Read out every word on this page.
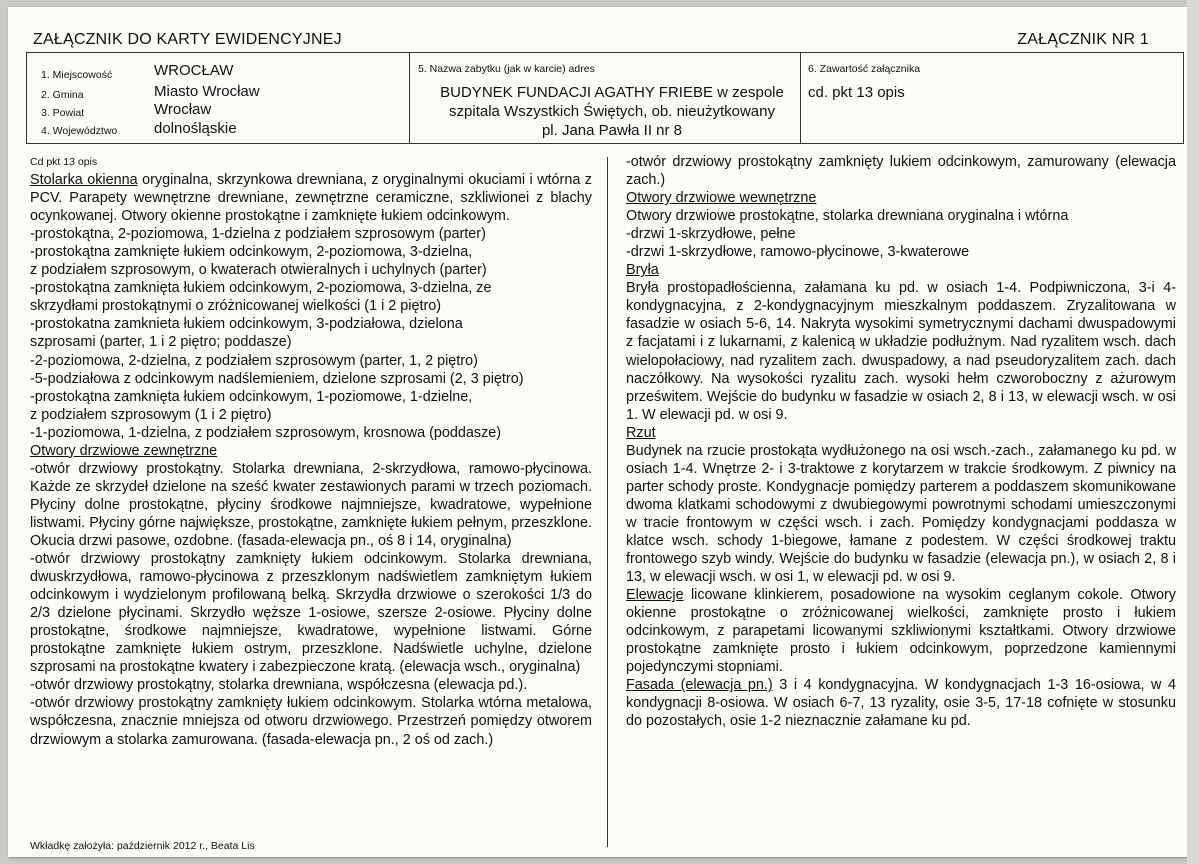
ZAŁĄCZNIK DO KARTY EWIDENCYJNEJ	ZAŁĄCZNIK NR 1
1. Miejscowość	WROCŁAW
2. Gmina	Miasto Wrocław
3. Powiat	Wrocław
4. Województwo dolnośląskie
5. Nazwa zabytku (jak w karcie) adres
BUDYNEK FUNDACJI AGATHY FRIEBE w zespole
szpitala Wszystkich Świętych, ob. nieużytkowany
pl. Jana Pawła II nr 8
6. Zawartość załącznika
cd. pkt 13 opis

Cd pkt 13 opis

Stolarka okienna oryginalna, skrzynkowa drewniana, z oryginalnymi okuciami i wtórna z PCV. Parapety wewnętrzne drewniane, zewnętrzne ceramiczne, szkliwionei z blachy ocynkowanej. Otwory okienne prostokątne i zamknięte łukiem odcinkowym.

-prostokątna, 2-poziomowa, 1-dzielna z podziałem szprosowym (parter)

-prostokątna zamknięte łukiem odcinkowym, 2-poziomowa, 3-dzielna,

z podziałem szprosowym, o kwaterach otwieralnych i uchylnych (parter)

-prostokątna zamknięta łukiem odcinkowym, 2-poziomowa, 3-dzielna, ze

skrzydłami prostokątnymi o zróżnicowanej wielkości (1 i 2 piętro)

-prostokatna zamknieta łukiem odcinkowym, 3-podziałowa, dzielona

szprosami (parter, 1 i 2 piętro; poddasze)

-2-poziomowa, 2-dzielna, z podziałem szprosowym (parter, 1, 2 piętro)

-5-podziałowa z odcinkowym nadślemieniem, dzielone szprosami (2, 3 piętro)

-prostokątna zamknięta łukiem odcinkowym, 1-poziomowe, 1-dzielne,

z podziałem szprosowym (1 i 2 piętro)

-1-poziomowa, 1-dzielna, z podziałem szprosowym, krosnowa (poddasze)

Otwory drzwiowe zewnętrzne

-otwór drzwiowy prostokątny. Stolarka drewniana, 2-skrzydłowa, ramowo-płycinowa. Każde ze skrzydeł dzielone na sześć kwater zestawionych parami w trzech poziomach. Płyciny dolne prostokątne, płyciny środkowe najmniejsze, kwadratowe, wypełnione listwami. Płyciny górne największe, prostokątne, zamknięte łukiem pełnym, przeszklone. Okucia drzwi pasowe, ozdobne. (fasada-elewacja pn., oś 8 i 14, oryginalna)

-otwór drzwiowy prostokątny zamknięty łukiem odcinkowym. Stolarka drewniana, dwuskrzydłowa, ramowo-płycinowa z przeszklonym nadświetlem zamkniętym łukiem odcinkowym i wydzielonym profilowaną belką. Skrzydła drzwiowe o szerokości 1/3 do 2/3 dzielone płycinami. Skrzydło węższe 1-osiowe, szersze 2-osiowe. Płyciny dolne prostokątne, środkowe najmniejsze, kwadratowe, wypełnione listwami. Górne prostokątne zamknięte łukiem ostrym, przeszklone. Nadświetle uchylne, dzielone szprosami na prostokątne kwatery i zabezpieczone kratą. (elewacja wsch., oryginalna)

-otwór drzwiowy prostokątny, stolarka drewniana, współczesna (elewacja pd.).

-otwór drzwiowy prostokątny zamknięty łukiem odcinkowym. Stolarka wtórna metalowa, współczesna, znacznie mniejsza od otworu drzwiowego. Przestrzeń pomiędzy otworem drzwiowym a stolarka zamurowana. (fasada-elewacja pn., 2 oś od zach.)

-otwór drzwiowy prostokątny zamknięty lukiem odcinkowym, zamurowany (elewacja zach.)

Otwory drzwiowe wewnętrzne

Otwory drzwiowe prostokątne, stolarka drewniana oryginalna i wtórna

-drzwi 1-skrzydłowe, pełne

-drzwi 1-skrzydłowe, ramowo-płycinowe, 3-kwaterowe

Bryła

Bryła prostopadłościenna, załamana ku pd. w osiach 1-4. Podpiwniczona, 3-i 4- kondygnacyjna, z 2-kondygnacyjnym mieszkalnym poddaszem. Zryzalitowana w fasadzie w osiach 5-6, 14. Nakryta wysokimi symetrycznymi dachami dwuspadowymi z facjatami i z lukarnami, z kalenicą w układzie podłużnym. Nad ryzalitem wsch. dach wielopołaciowy, nad ryzalitem zach. dwuspadowy, a nad pseudoryzalitem zach. dach naczółkowy. Na wysokości ryzalitu zach. wysoki hełm czworoboczny z ażurowym prześwitem. Wejście do budynku w fasadzie w osiach 2, 8 i 13, w elewacji wsch. w osi 1. W elewacji pd. w osi 9.

Rzut

Budynek na rzucie prostokąta wydłużonego na osi wsch.-zach., załamanego ku pd. w osiach 1-4. Wnętrze 2- i 3-traktowe z korytarzem w trakcie środkowym. Z piwnicy na parter schody proste. Kondygnacje pomiędzy parterem a poddaszem skomunikowane dwoma klatkami schodowymi z dwubiegowymi powrotnymi schodami umieszczonymi w tracie frontowym w części wsch. i zach. Pomiędzy kondygnacjami poddasza w klatce wsch. schody 1-biegowe, łamane z podestem. W części środkowej traktu frontowego szyb windy. Wejście do budynku w fasadzie (elewacja pn.), w osiach 2, 8 i 13, w elewacji wsch. w osi 1, w elewacji pd. w osi 9.

Elewacje licowane klinkierem, posadowione na wysokim ceglanym cokole. Otwory okienne prostokątne o zróżnicowanej wielkości, zamknięte prosto i łukiem odcinkowym, z parapetami licowanymi szkliwionymi kształtkami. Otwory drzwiowe prostokątne zamknięte prosto i łukiem odcinkowym, poprzedzone kamiennymi pojedynczymi stopniami.

Fasada (elewacja pn.) 3 i 4 kondygnacyjna. W kondygnacjach 1-3 16-osiowa, w 4 kondygnacji 8-osiowa. W osiach 6-7, 13 ryzality, osie 3-5, 17-18 cofnięte w stosunku do pozostałych, osie 1-2 nieznacznie załamane ku pd.

Wkładkę założyła: październik 2012 r., Beata Lis
